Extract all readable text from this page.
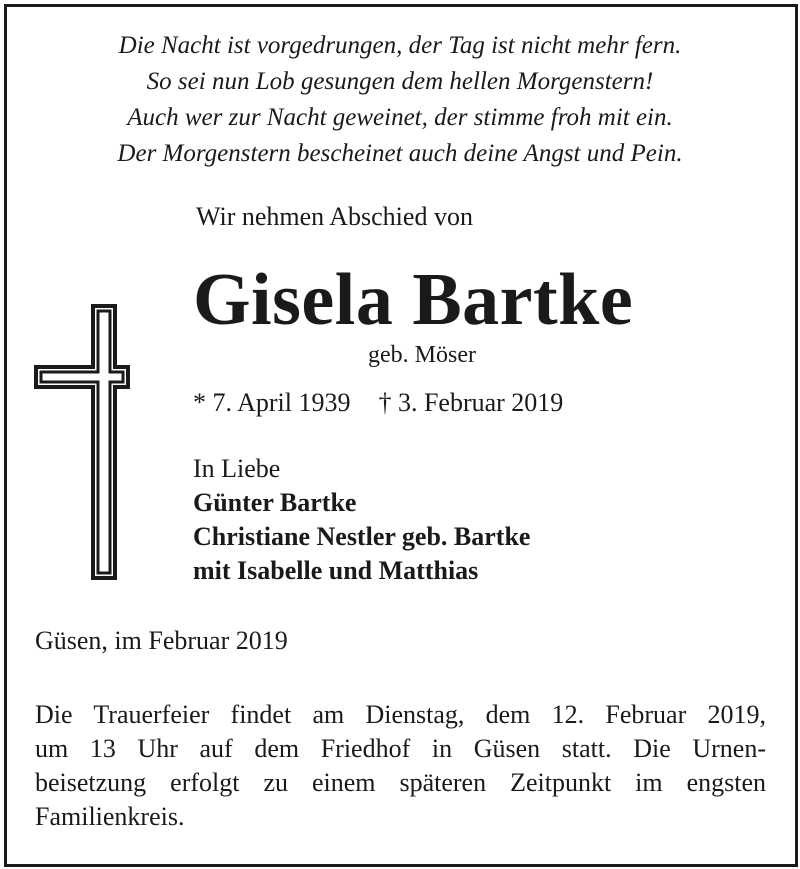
Die Nacht ist vorgedrungen, der Tag ist nicht mehr fern.
So sei nun Lob gesungen dem hellen Morgenstern!
Auch wer zur Nacht geweinet, der stimme froh mit ein.
Der Morgenstern bescheinet auch deine Angst und Pein.
Wir nehmen Abschied von
Gisela Bartke
geb. Möser
* 7. April 1939 † 3. Februar 2019
In Liebe
Günter Bartke
Christiane Nestler geb. Bartke
mit Isabelle und Matthias
Güsen, im Februar 2019
Die Trauerfeier findet am Dienstag, dem 12. Februar 2019,
um 13 Uhr auf dem Friedhof in Güsen statt. Die Urnen-
beisetzung erfolgt zu einem späteren Zeitpunkt im engsten
Familienkreis.
